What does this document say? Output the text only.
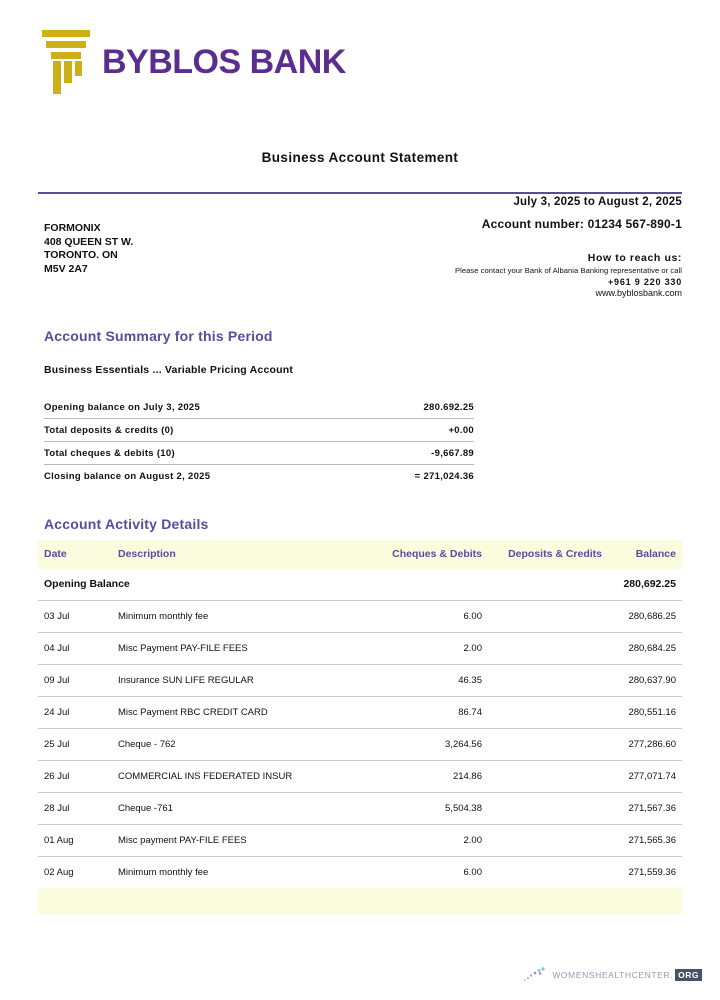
BYBLOS BANK
Business Account Statement
July 3, 2025 to August 2, 2025
Account number: 01234 567-890-1
FORMONIX
408 QUEEN ST W.
TORONTO. ON
M5V 2A7
How to reach us:
Please contact your Bank of Albania Banking representative or call
+961 9 220 330
www.byblosbank.com
Account Summary for this Period
Business Essentials ... Variable Pricing Account
Opening balance on July 3, 2025	280.692.25
Total deposits & credits (0)	+0.00
Total cheques & debits (10)	-9,667.89
Closing balance on August 2, 2025	= 271,024.36
Account Activity Details
Date	Description	Cheques & Debits	Deposits & Credits	Balance
Opening Balance				280,692.25
03 Jul	Minimum monthly fee	6.00		280,686.25
04 Jul	Misc Payment PAY-FILE FEES	2.00		280,684.25
09 Jul	Insurance SUN LIFE REGULAR	46.35		280,637.90
24 Jul	Misc Payment RBC CREDIT CARD	86.74		280,551.16
25 Jul	Cheque - 762	3,264.56		277,286.60
26 Jul	COMMERCIAL INS FEDERATED INSUR	214.86		277,071.74
28 Jul	Cheque -761	5,504.38		271,567.36
01 Aug	Misc payment PAY-FILE FEES	2.00		271,565.36
02 Aug	Minimum monthly fee	6.00		271,559.36

WOMENSHEALTHCENTER. ORG
